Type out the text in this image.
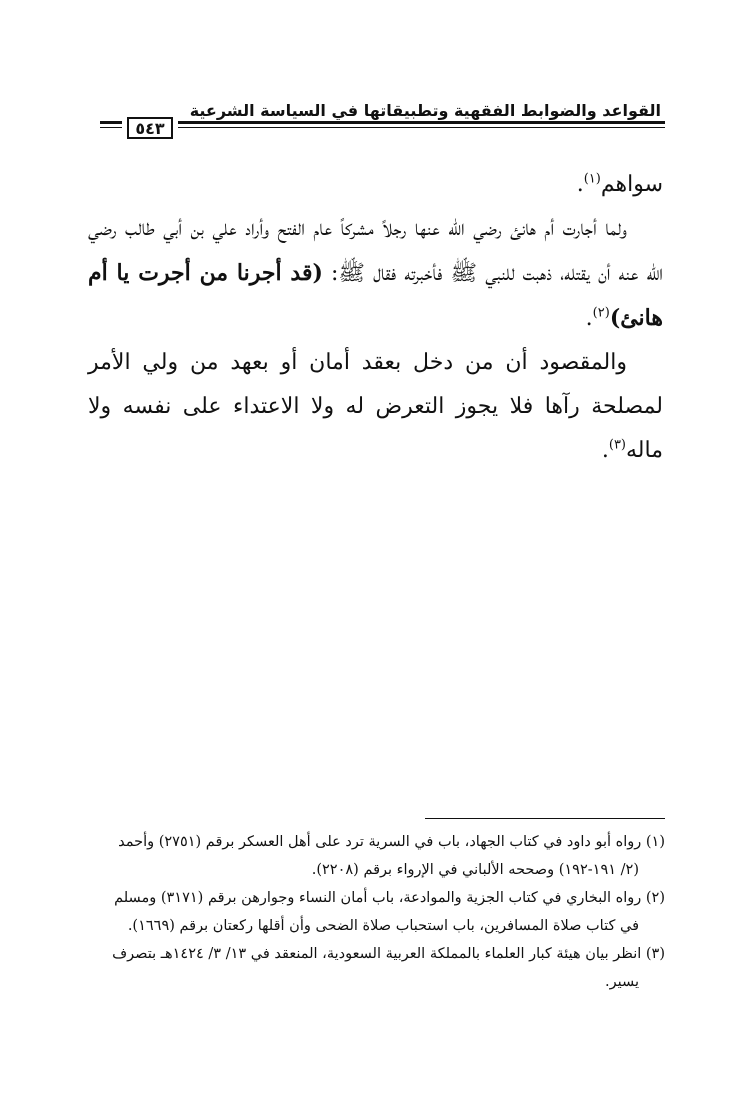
القواعد والضوابط الفقهية وتطبيقاتها في السياسة الشرعية
٥٤٣

سواهم$^{(١)}$.

ولما أجارت أم هانئ رضي الله عنها رجلاً مشركاً عام الفتح وأراد علي بن أبي طالب رضي الله عنه أن يقتله، ذهبت للنبي ﷺ فأخبرته فقال ﷺ: (قد أجرنا من أجرت يا أم هانئ)$^{(٢)}$.

والمقصود أن من دخل بعقد أمان أو بعهد من ولي الأمر لمصلحة رآها فلا يجوز التعرض له ولا الاعتداء على نفسه ولا ماله$^{(٣)}$.

(١) رواه أبو داود في كتاب الجهاد، باب في السرية ترد على أهل العسكر برقم (٢٧٥١) وأحمد

(٢/ ١٩١-١٩٢) وصححه الألباني في الإرواء برقم (٢٢٠٨).

(٢) رواه البخاري في كتاب الجزية والموادعة، باب أمان النساء وجوارهن برقم (٣١٧١) ومسلم

في كتاب صلاة المسافرين، باب استحباب صلاة الضحى وأن أقلها ركعتان برقم (١٦٦٩).

(٣) انظر بيان هيئة كبار العلماء بالمملكة العربية السعودية، المنعقد في ١٣/ ٣/ ١٤٢٤هـ بتصرف

يسير.
